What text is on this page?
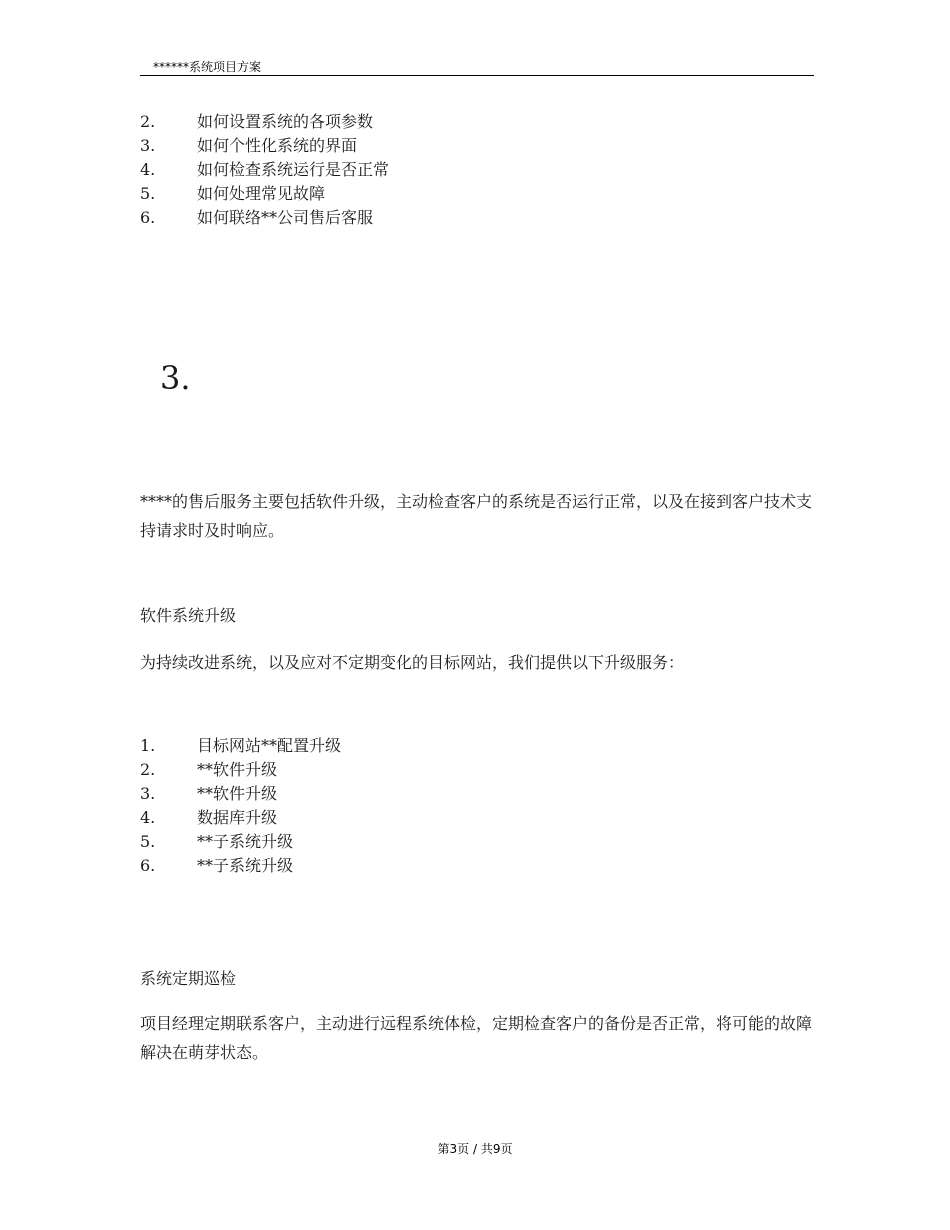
******系统项目方案
2.	如何设置系统的各项参数
3.	如何个性化系统的界面
4.	如何检查系统运行是否正常
5.	如何处理常见故障
6.	如何联络**公司售后客服
3.

****的售后服务主要包括软件升级，主动检查客户的系统是否运行正常，以及在接到客户技术支持请求时及时响应。

软件系统升级

为持续改进系统，以及应对不定期变化的目标网站，我们提供以下升级服务：

1.	目标网站**配置升级
2.	**软件升级
3.	**软件升级
4.	数据库升级
5.	**子系统升级
6.	**子系统升级
系统定期巡检

项目经理定期联系客户，主动进行远程系统体检，定期检查客户的备份是否正常，将可能的故障解决在萌芽状态。

第3页 / 共9页
